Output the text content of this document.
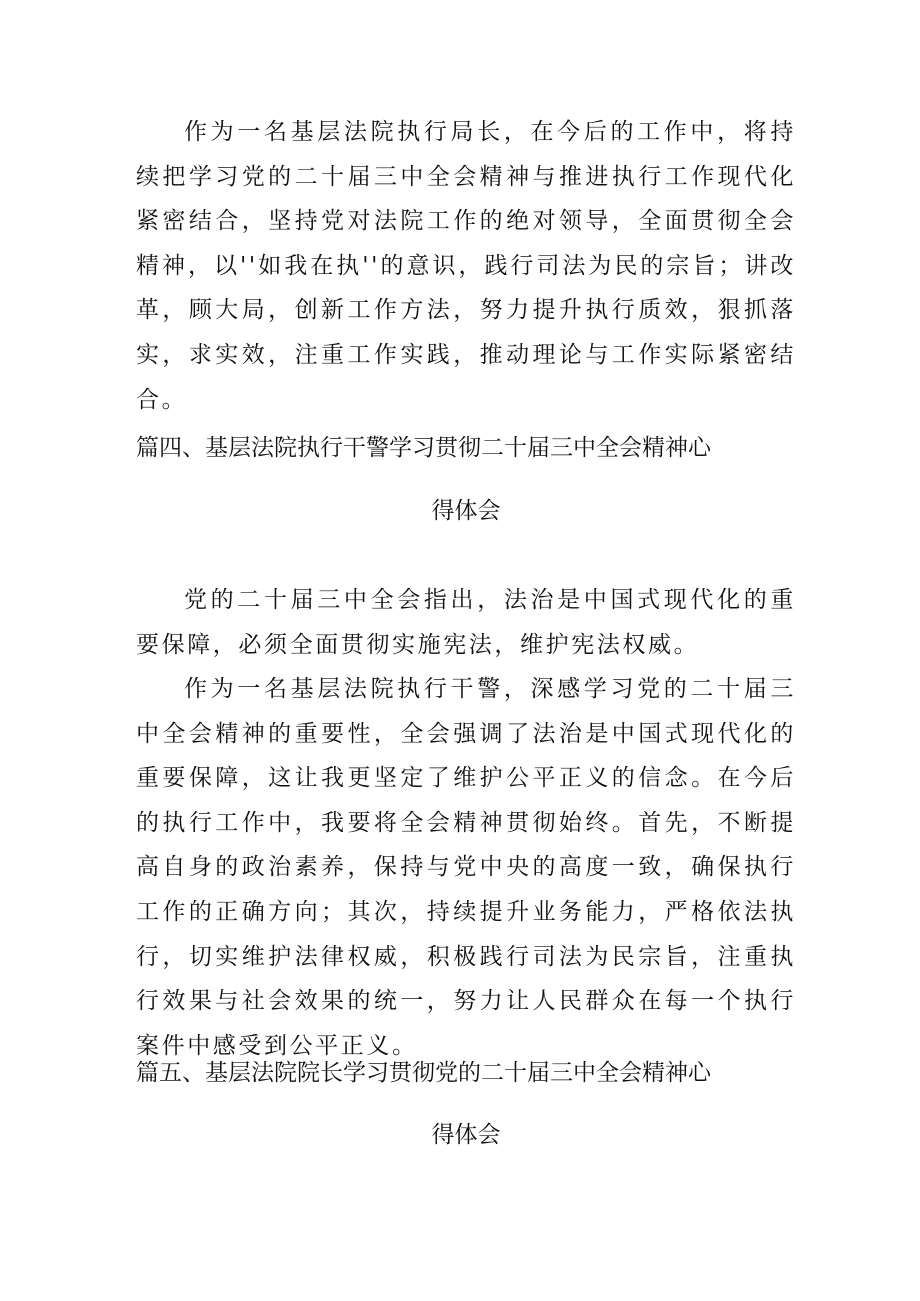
作为一名基层法院执行局长，在今后的工作中，将持续把学习党的二十届三中全会精神与推进执行工作现代化紧密结合，坚持党对法院工作的绝对领导，全面贯彻全会精神，以''如我在执''的意识，践行司法为民的宗旨；讲改革，顾大局，创新工作方法，努力提升执行质效，狠抓落实，求实效，注重工作实践，推动理论与工作实际紧密结合。

篇四、基层法院执行干警学习贯彻二十届三中全会精神心
得体会

党的二十届三中全会指出，法治是中国式现代化的重要保障，必须全面贯彻实施宪法，维护宪法权威。

作为一名基层法院执行干警，深感学习党的二十届三中全会精神的重要性，全会强调了法治是中国式现代化的重要保障，这让我更坚定了维护公平正义的信念。在今后的执行工作中，我要将全会精神贯彻始终。首先，不断提高自身的政治素养，保持与党中央的高度一致，确保执行工作的正确方向；其次，持续提升业务能力，严格依法执行，切实维护法律权威，积极践行司法为民宗旨，注重执行效果与社会效果的统一，努力让人民群众在每一个执行案件中感受到公平正义。

篇五、基层法院院长学习贯彻党的二十届三中全会精神心
得体会
